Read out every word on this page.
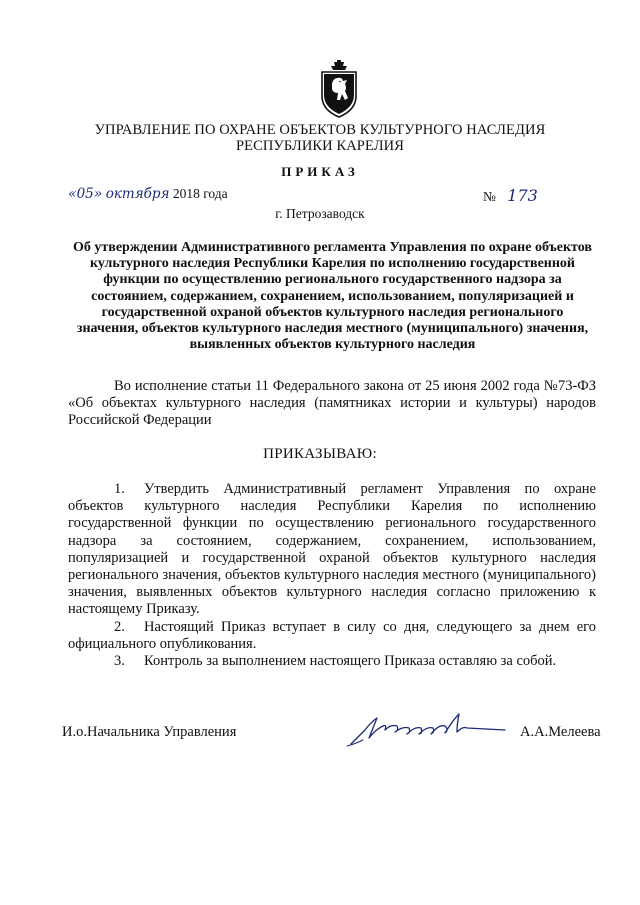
УПРАВЛЕНИЕ ПО ОХРАНЕ ОБЪЕКТОВ КУЛЬТУРНОГО НАСЛЕДИЯ
РЕСПУБЛИКИ КАРЕЛИЯ
ПРИКАЗ
«05» октября 2018 года	№ 173
г. Петрозаводск
Об утверждении Административного регламента Управления по охране объектов культурного наследия Республики Карелия по исполнению государственной функции по осуществлению регионального государственного надзора за состоянием, содержанием, сохранением, использованием, популяризацией и государственной охраной объектов культурного наследия регионального значения, объектов культурного наследия местного (муниципального) значения, выявленных объектов культурного наследия
Во исполнение статьи 11 Федерального закона от 25 июня 2002 года №73-ФЗ «Об объектах культурного наследия (памятниках истории и культуры) народов Российской Федерации
ПРИКАЗЫВАЮ:

1. Утвердить Административный регламент Управления по охране объектов культурного наследия Республики Карелия по исполнению государственной функции по осуществлению регионального государственного надзора за состоянием, содержанием, сохранением, использованием, популяризацией и государственной охраной объектов культурного наследия регионального значения, объектов культурного наследия местного (муниципального) значения, выявленных объектов культурного наследия согласно приложению к настоящему Приказу.

2. Настоящий Приказ вступает в силу со дня, следующего за днем его официального опубликования.

3. Контроль за выполнением настоящего Приказа оставляю за собой.

И.о.Начальника Управления	А.А.Мелеева
